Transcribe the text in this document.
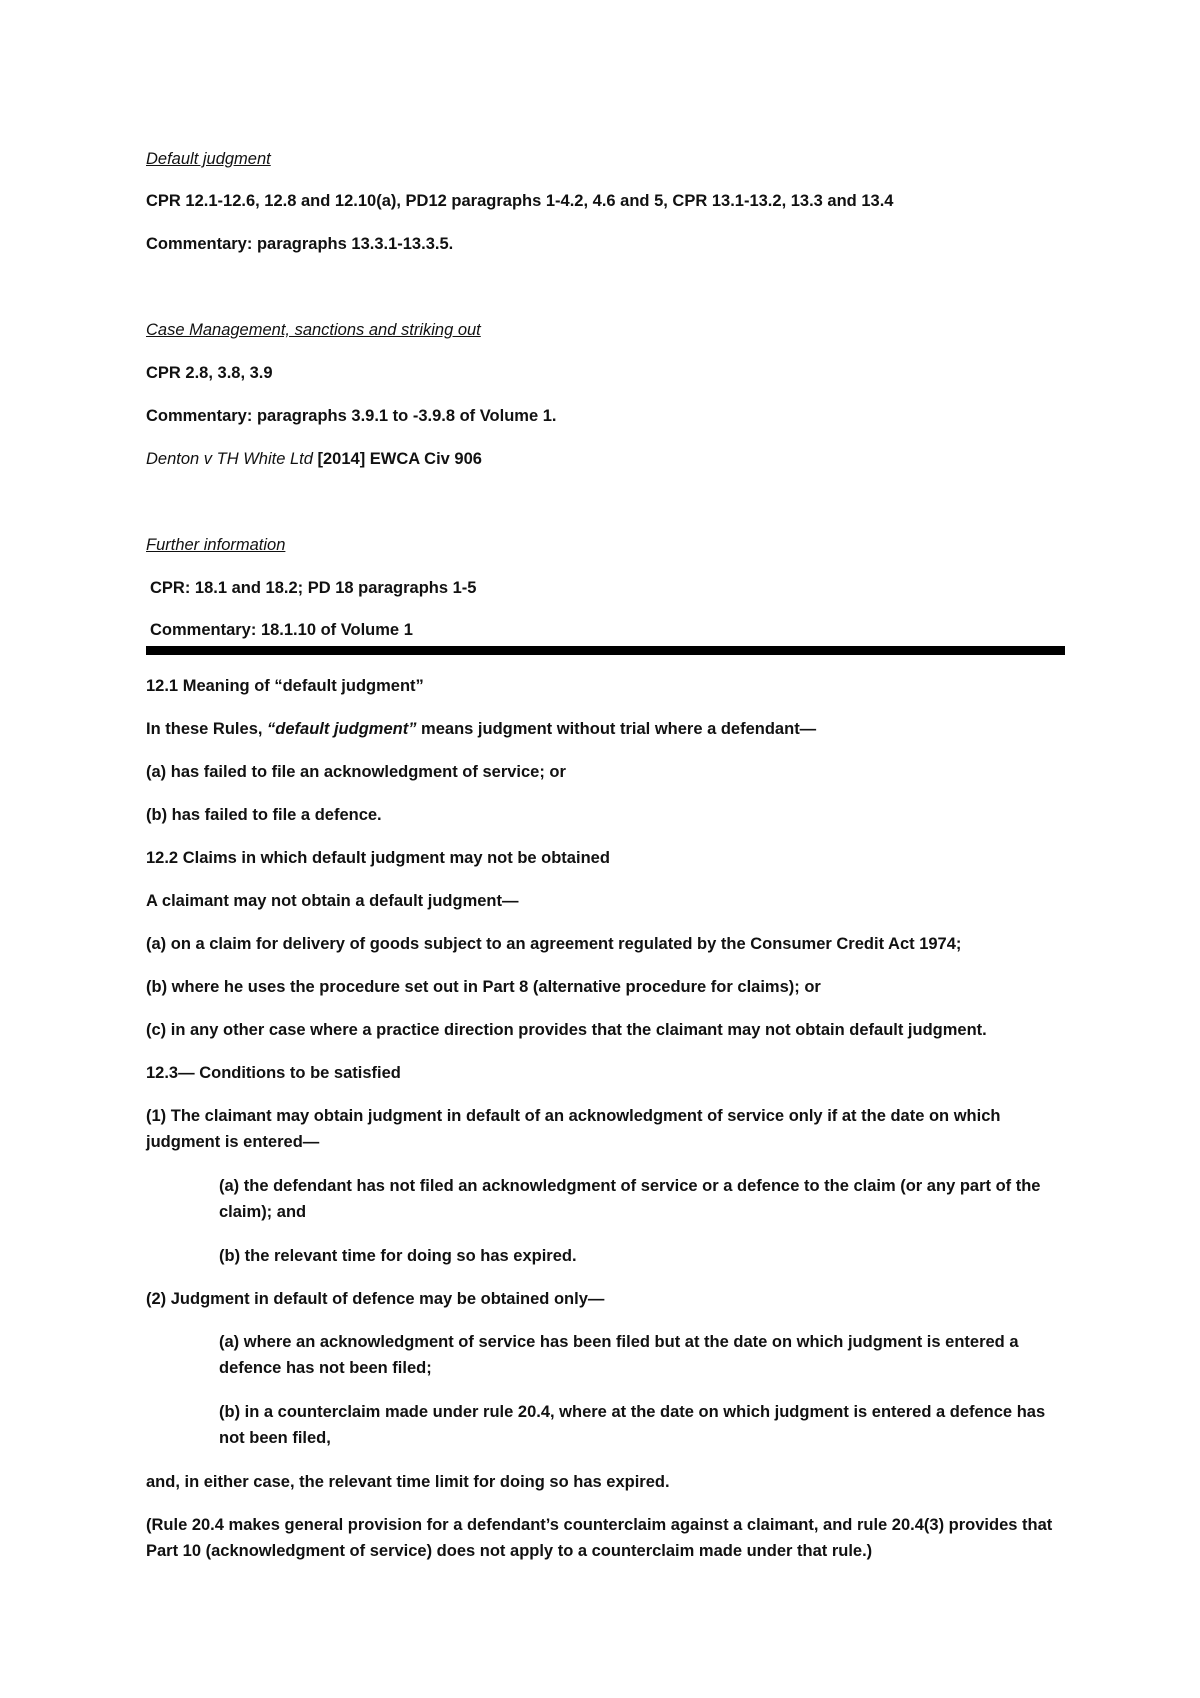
Default judgment
CPR 12.1-12.6, 12.8 and 12.10(a), PD12 paragraphs 1-4.2, 4.6 and 5, CPR 13.1-13.2, 13.3 and 13.4
Commentary: paragraphs 13.3.1-13.3.5.
Case Management, sanctions and striking out
CPR 2.8, 3.8, 3.9
Commentary: paragraphs 3.9.1 to -3.9.8 of Volume 1.
Denton v TH White Ltd [2014] EWCA Civ 906
Further information
CPR: 18.1 and 18.2; PD 18 paragraphs 1-5
Commentary: 18.1.10 of Volume 1
12.1 Meaning of “default judgment”
In these Rules, “default judgment” means judgment without trial where a defendant—
(a) has failed to file an acknowledgment of service; or
(b) has failed to file a defence.
12.2 Claims in which default judgment may not be obtained
A claimant may not obtain a default judgment—
(a) on a claim for delivery of goods subject to an agreement regulated by the Consumer Credit Act 1974;
(b) where he uses the procedure set out in Part 8 (alternative procedure for claims); or
(c) in any other case where a practice direction provides that the claimant may not obtain default judgment.
12.3— Conditions to be satisfied
(1) The claimant may obtain judgment in default of an acknowledgment of service only if at the date on which judgment is entered—
(a) the defendant has not filed an acknowledgment of service or a defence to the claim (or any part of the claim); and
(b) the relevant time for doing so has expired.
(2) Judgment in default of defence may be obtained only—
(a) where an acknowledgment of service has been filed but at the date on which judgment is entered a defence has not been filed;
(b) in a counterclaim made under rule 20.4, where at the date on which judgment is entered a defence has not been filed,
and, in either case, the relevant time limit for doing so has expired.
(Rule 20.4 makes general provision for a defendant’s counterclaim against a claimant, and rule 20.4(3) provides that Part 10 (acknowledgment of service) does not apply to a counterclaim made under that rule.)
